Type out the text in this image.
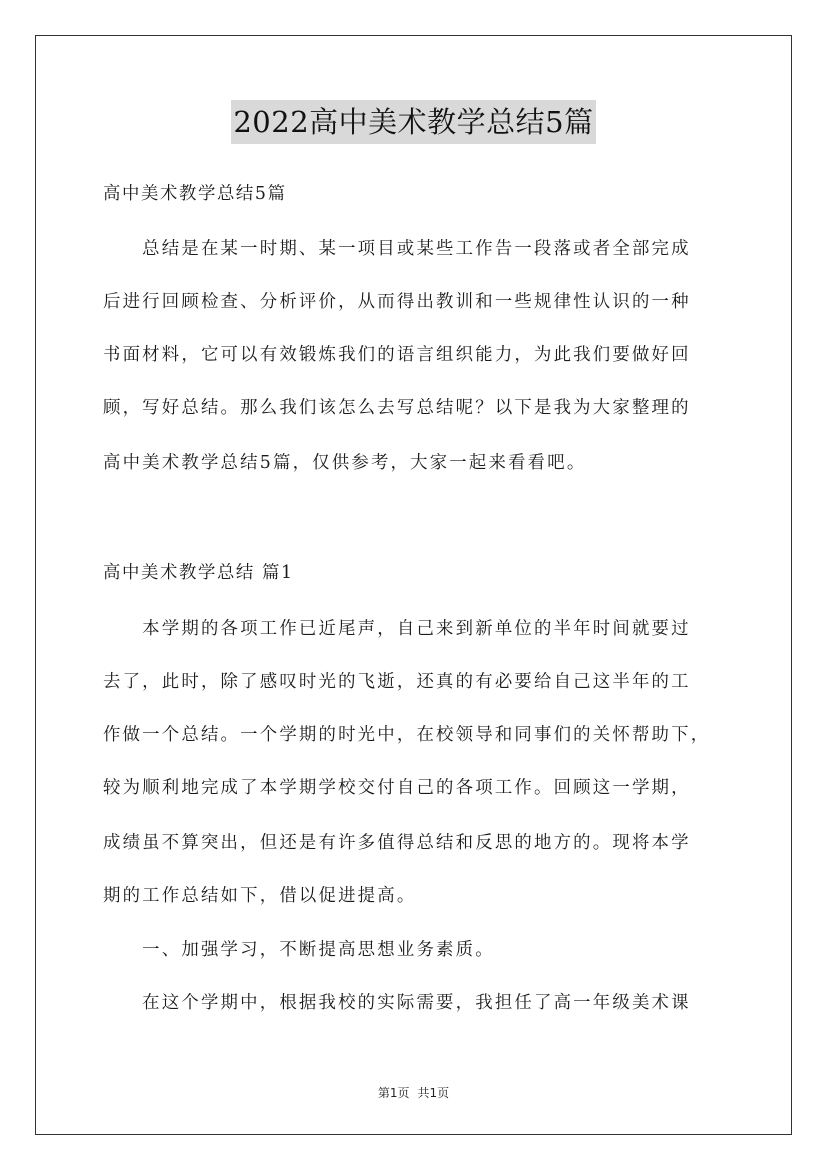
2022高中美术教学总结5篇
高中美术教学总结5篇
　　总结是在某一时期、某一项目或某些工作告一段落或者全部完成
后进行回顾检查、分析评价，从而得出教训和一些规律性认识的一种
书面材料，它可以有效锻炼我们的语言组织能力，为此我们要做好回
顾，写好总结。那么我们该怎么去写总结呢？以下是我为大家整理的
高中美术教学总结5篇，仅供参考，大家一起来看看吧。
高中美术教学总结 篇1
　　本学期的各项工作已近尾声，自己来到新单位的半年时间就要过
去了，此时，除了感叹时光的飞逝，还真的有必要给自己这半年的工
作做一个总结。一个学期的时光中，在校领导和同事们的关怀帮助下，
较为顺利地完成了本学期学校交付自己的各项工作。回顾这一学期，
成绩虽不算突出，但还是有许多值得总结和反思的地方的。现将本学
期的工作总结如下，借以促进提高。
　　一、加强学习，不断提高思想业务素质。
　　在这个学期中，根据我校的实际需要，我担任了高一年级美术课
第1页 共1页
